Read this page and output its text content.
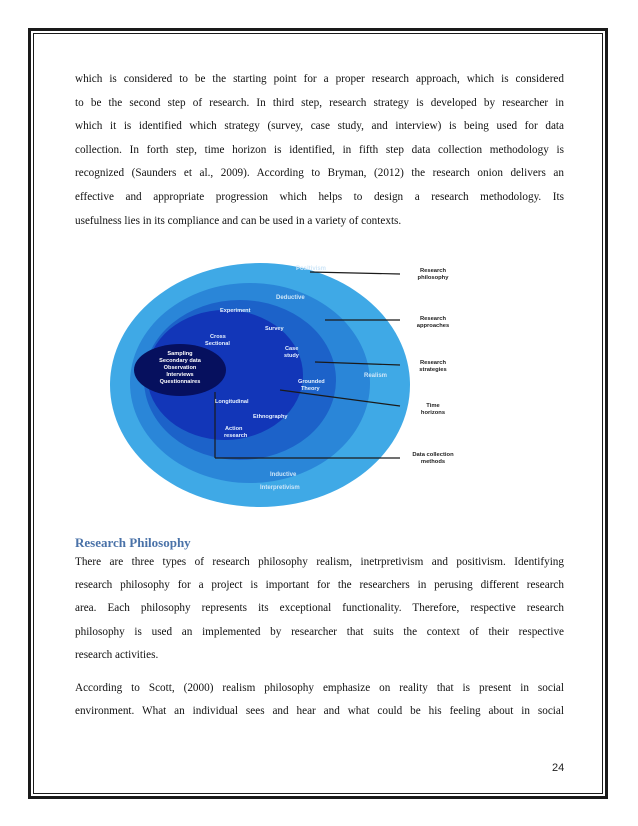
which is considered to be the starting point for a proper research approach, which is considered
to be the second step of research. In third step, research strategy is developed by researcher in
which it is identified which strategy (survey, case study, and interview) is being used for data
collection. In forth step, time horizon is identified, in fifth step data collection methodology is
recognized (Saunders et al., 2009). According to Bryman, (2012) the research onion delivers an
effective and appropriate progression which helps to design a research methodology. Its
usefulness lies in its compliance and can be used in a variety of contexts.
Positivism
Realism
Interpretivism
Deductive
Inductive
Experiment
Survey
Case
study
Grounded
Theory
Ethnography
Action
research
Cross
Sectional
Longitudinal
Sampling
Secondary data
Observation
Interviews
Questionnaires
Research
philosophy
Research
approaches
Research
strategies
Time
horizons
Data collection
methods
Research Philosophy
There are three types of research philosophy realism, inetrpretivism and positivism. Identifying
research philosophy for a project is important for the researchers in perusing different research
area. Each philosophy represents its exceptional functionality. Therefore, respective research
philosophy is used an implemented by researcher that suits the context of their respective
research activities.
According to Scott, (2000) realism philosophy emphasize on reality that is present in social
environment. What an individual sees and hear and what could be his feeling about in social
24
